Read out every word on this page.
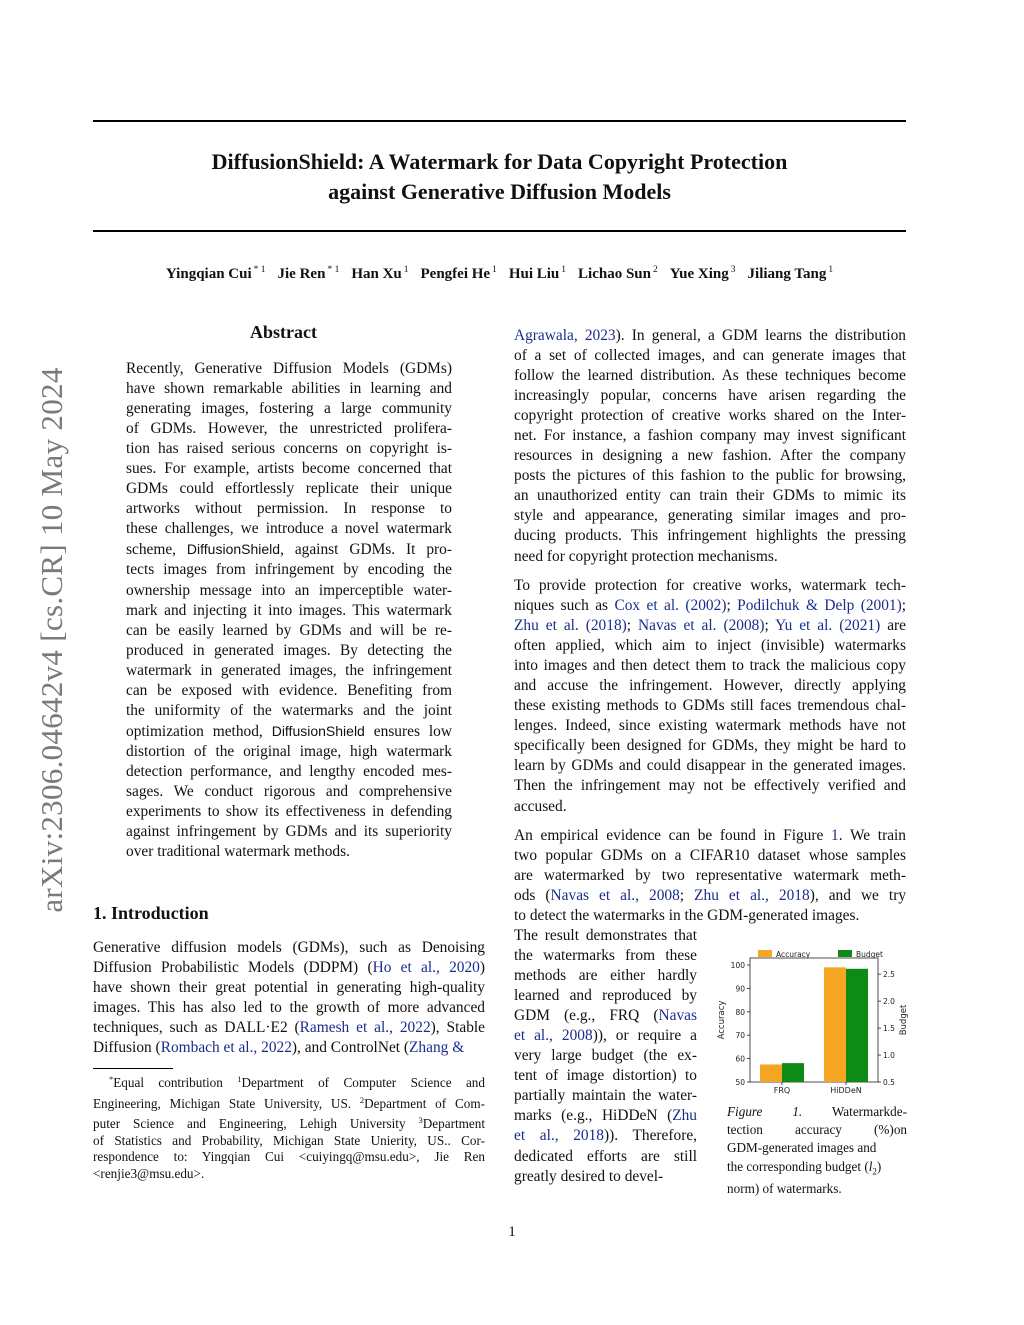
arXiv:2306.04642v4 [cs.CR] 10 May 2024
DiffusionShield: A Watermark for Data Copyright Protection
against Generative Diffusion Models
Yingqian Cui $^{* 1}$ Jie Ren $^{* 1}$ Han Xu $^1$ Pengfei He $^1$ Hui Liu $^1$ Lichao Sun $^2$ Yue Xing $^3$ Jiliang Tang $^1$
Abstract
Recently, Generative Diffusion Models (GDMs)
have shown remarkable abilities in learning and
generating images, fostering a large community
of GDMs. However, the unrestricted prolifera-
tion has raised serious concerns on copyright is-
sues. For example, artists become concerned that
GDMs could effortlessly replicate their unique
artworks without permission. In response to
these challenges, we introduce a novel watermark
scheme, DiffusionShield, against GDMs. It pro-
tects images from infringement by encoding the
ownership message into an imperceptible water-
mark and injecting it into images. This watermark
can be easily learned by GDMs and will be re-
produced in generated images. By detecting the
watermark in generated images, the infringement
can be exposed with evidence. Benefiting from
the uniformity of the watermarks and the joint
optimization method, DiffusionShield ensures low
distortion of the original image, high watermark
detection performance, and lengthy encoded mes-
sages. We conduct rigorous and comprehensive
experiments to show its effectiveness in defending
against infringement by GDMs and its superiority
over traditional watermark methods.
1. Introduction
Generative diffusion models (GDMs), such as Denoising
Diffusion Probabilistic Models (DDPM) (Ho et al., 2020)
have shown their great potential in generating high-quality
images. This has also led to the growth of more advanced
techniques, such as DALL·E2 (Ramesh et al., 2022), Stable
Diffusion (Rombach et al., 2022), and ControlNet (Zhang &
*Equal contribution $^1$Department of Computer Science and
Engineering, Michigan State University, US. $^2$Department of Com-
puter Science and Engineering, Lehigh University $^3$Department
of Statistics and Probability, Michigan State Unierity, US.. Cor-
respondence to: Yingqian Cui <cuiyingq@msu.edu>, Jie Ren
<renjie3@msu.edu>.
Agrawala, 2023). In general, a GDM learns the distribution
of a set of collected images, and can generate images that
follow the learned distribution. As these techniques become
increasingly popular, concerns have arisen regarding the
copyright protection of creative works shared on the Inter-
net. For instance, a fashion company may invest significant
resources in designing a new fashion. After the company
posts the pictures of this fashion to the public for browsing,
an unauthorized entity can train their GDMs to mimic its
style and appearance, generating similar images and pro-
ducing products. This infringement highlights the pressing
need for copyright protection mechanisms.
To provide protection for creative works, watermark tech-
niques such as Cox et al. (2002); Podilchuk & Delp (2001);
Zhu et al. (2018); Navas et al. (2008); Yu et al. (2021) are
often applied, which aim to inject (invisible) watermarks
into images and then detect them to track the malicious copy
and accuse the infringement. However, directly applying
these existing methods to GDMs still faces tremendous chal-
lenges. Indeed, since existing watermark methods have not
specifically been designed for GDMs, they might be hard to
learn by GDMs and could disappear in the generated images.
Then the infringement may not be effectively verified and
accused.
An empirical evidence can be found in Figure 1. We train
two popular GDMs on a CIFAR10 dataset whose samples
are watermarked by two representative watermark meth-
ods (Navas et al., 2008; Zhu et al., 2018), and we try
to detect the watermarks in the GDM-generated images.
The result demonstrates that
the watermarks from these
methods are either hardly
learned and reproduced by
GDM (e.g., FRQ (Navas
et al., 2008)), or require a
very large budget (the ex-
tent of image distortion) to
partially maintain the water-
marks (e.g., HiDDeN (Zhu
et al., 2018)). Therefore,
dedicated efforts are still
greatly desired to devel-
50
60
70
80
90
100
0.5
1.0
1.5
2.0
2.5
Accuracy	Budget
FRQ	HiDDeN
Accuracy	Budget
Figure 1. Watermarkde-
tection accuracy (%)on
GDM-generated images and
the corresponding budget $(l_2)$
norm) of watermarks.
1
